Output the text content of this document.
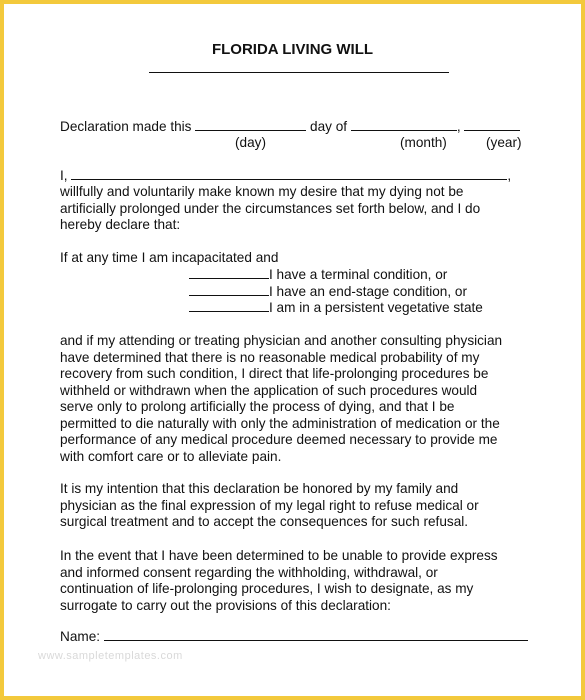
FLORIDA LIVING WILL
Declaration made this	day of	,
(day)	(month)	(year)
I,	,
willfully and voluntarily make known my desire that my dying not be
artificially prolonged under the circumstances set forth below, and I do
hereby declare that:
If at any time I am incapacitated and
I have a terminal condition, or
I have an end-stage condition, or
I am in a persistent vegetative state
and if my attending or treating physician and another consulting physician
have determined that there is no reasonable medical probability of my
recovery from such condition, I direct that life-prolonging procedures be
withheld or withdrawn when the application of such procedures would
serve only to prolong artificially the process of dying, and that I be
permitted to die naturally with only the administration of medication or the
performance of any medical procedure deemed necessary to provide me
with comfort care or to alleviate pain.
It is my intention that this declaration be honored by my family and
physician as the final expression of my legal right to refuse medical or
surgical treatment and to accept the consequences for such refusal.
In the event that I have been determined to be unable to provide express
and informed consent regarding the withholding, withdrawal, or
continuation of life-prolonging procedures, I wish to designate, as my
surrogate to carry out the provisions of this declaration:
Name:
www.sampletemplates.com
